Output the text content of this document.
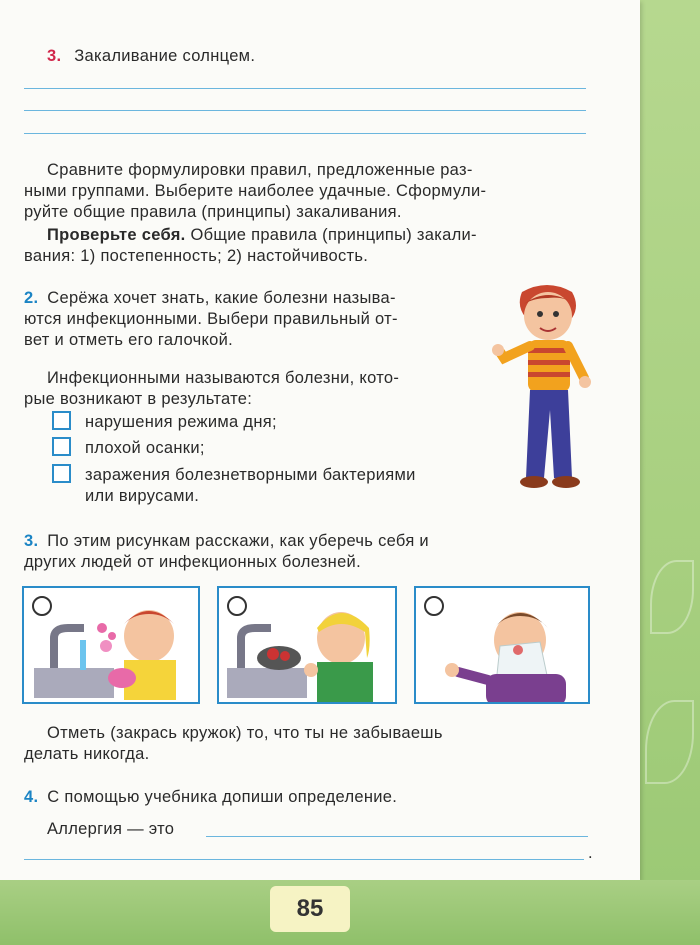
3. Закаливание солнцем.
Сравните формулировки правил, предложенные раз-
ными группами. Выберите наиболее удачные. Сформули-
руйте общие правила (принципы) закаливания.
Проверьте себя. Общие правила (принципы) закали-
вания: 1) постепенность; 2) настойчивость.
2. Серёжа хочет знать, какие болезни называ-
ются инфекционными. Выбери правильный от-
вет и отметь его галочкой.
Инфекционными называются болезни, кото-
рые возникают в результате:
нарушения режима дня;
плохой осанки;
заражения болезнетворными бактериями
или вирусами.
3. По этим рисункам расскажи, как уберечь себя и
других людей от инфекционных болезней.
Отметь (закрась кружок) то, что ты не забываешь
делать никогда.
4. С помощью учебника допиши определение.
Аллергия — это
.
85
